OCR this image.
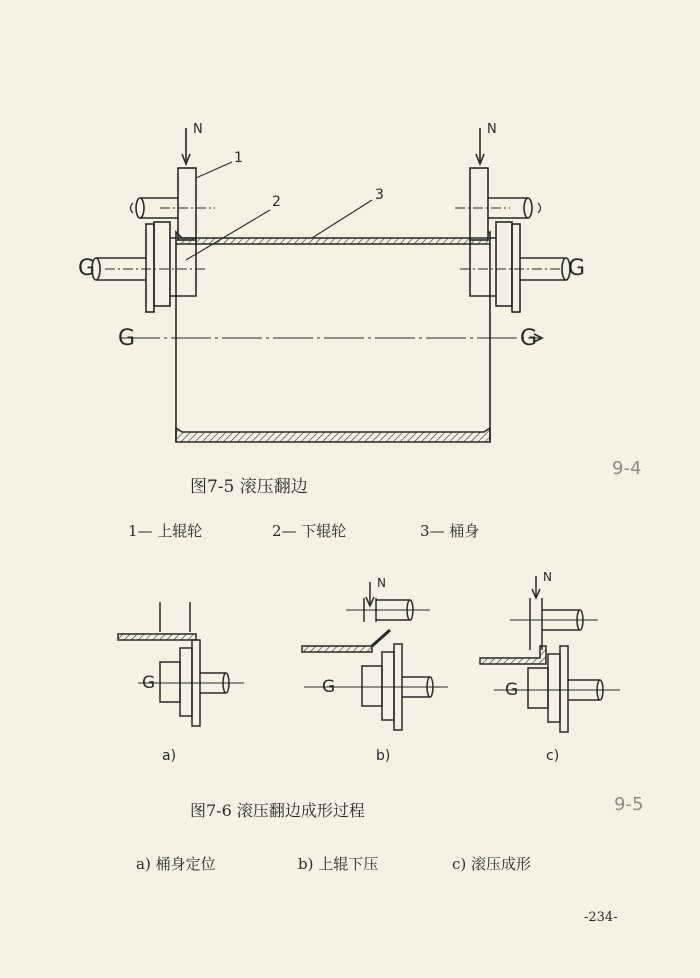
N	N
1
2	3
G	G
G	G
图7-5 滚压翻边
1— 上辊轮	2— 下辊轮	3— 桶身
9-4
N	N
G	G	G
a)	b)	c)
图7-6 滚压翻边成形过程	9-5
a) 桶身定位	b) 上辊下压	c) 滚压成形
-234-
